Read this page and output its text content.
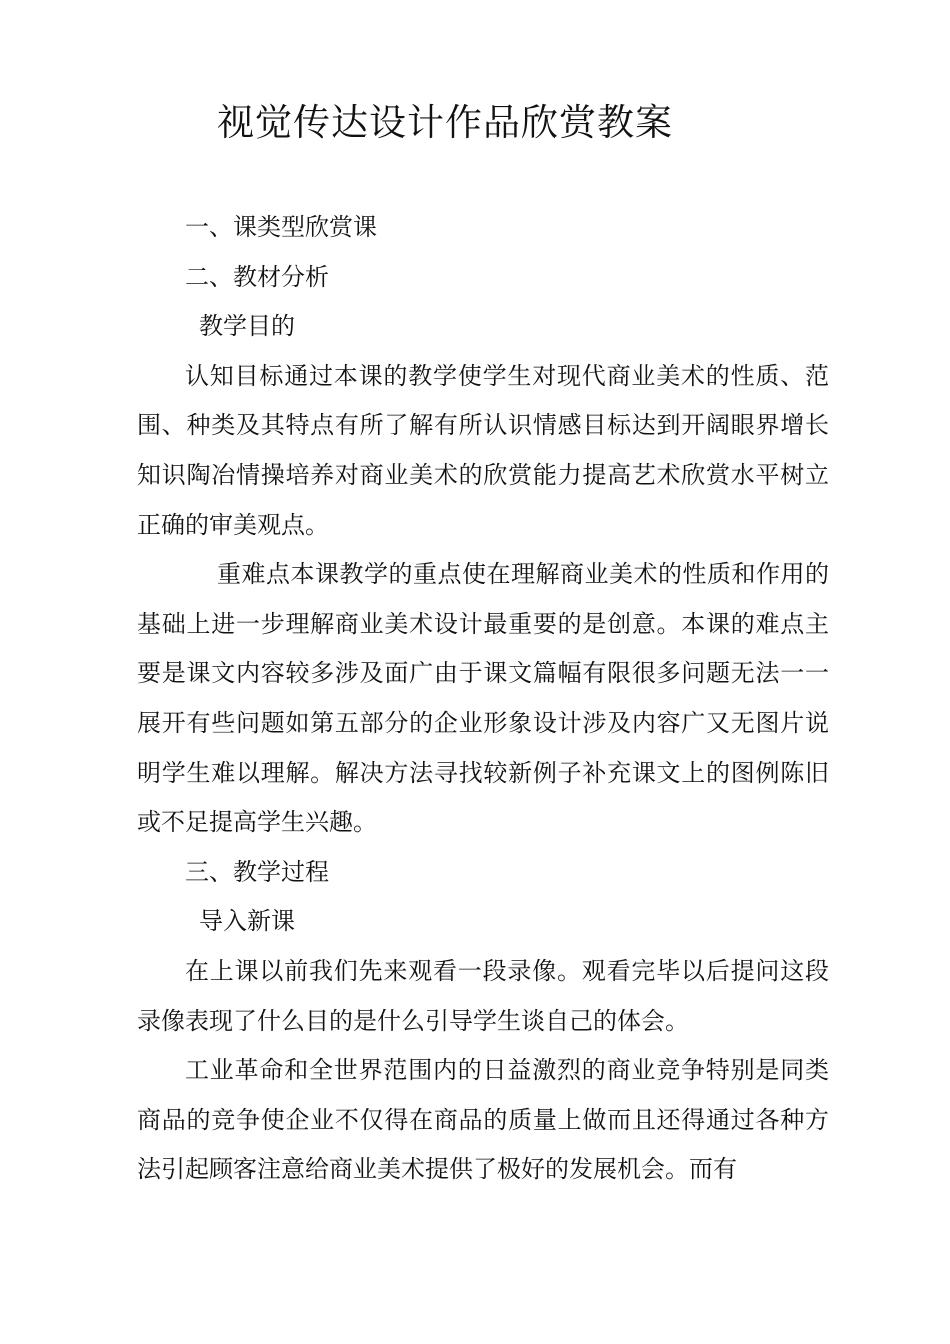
视觉传达设计作品欣赏教案

一、课类型欣赏课

二、教材分析

教学目的

认知目标通过本课的教学使学生对现代商业美术的性质、范围、种类及其特点有所了解有所认识情感目标达到开阔眼界增长知识陶冶情操培养对商业美术的欣赏能力提高艺术欣赏水平树立正确的审美观点。

重难点本课教学的重点使在理解商业美术的性质和作用的基础上进一步理解商业美术设计最重要的是创意。本课的难点主要是课文内容较多涉及面广由于课文篇幅有限很多问题无法一一展开有些问题如第五部分的企业形象设计涉及内容广又无图片说明学生难以理解。解决方法寻找较新例子补充课文上的图例陈旧或不足提高学生兴趣。

三、教学过程

导入新课

在上课以前我们先来观看一段录像。观看完毕以后提问这段录像表现了什么目的是什么引导学生谈自己的体会。

工业革命和全世界范围内的日益激烈的商业竞争特别是同类商品的竞争使企业不仅得在商品的质量上做而且还得通过各种方法引起顾客注意给商业美术提供了极好的发展机会。而有
